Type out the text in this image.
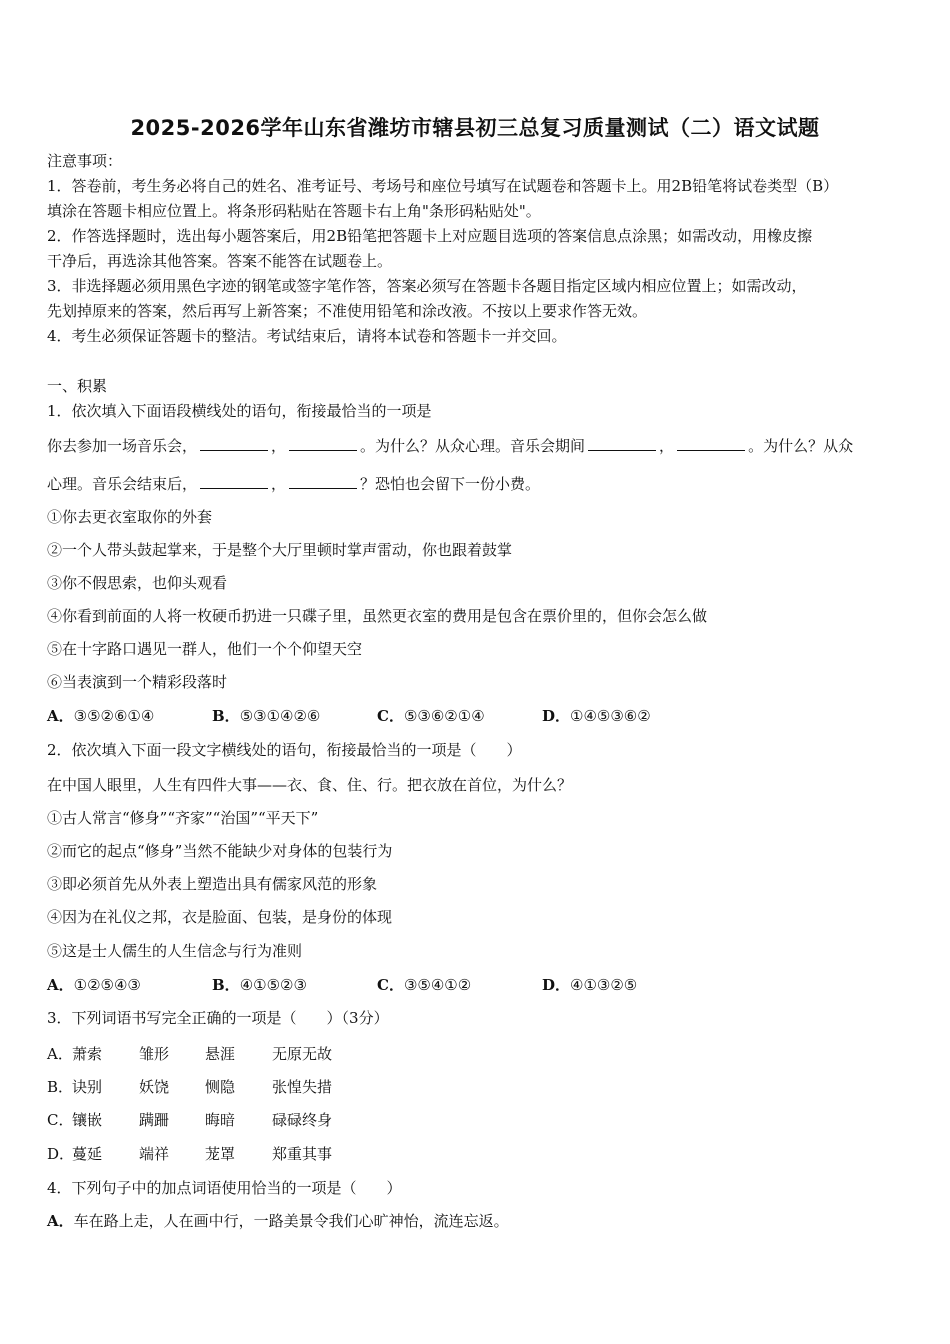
2025-2026学年山东省潍坊市辖县初三总复习质量测试（二）语文试题
注意事项：
1．答卷前，考生务必将自己的姓名、准考证号、考场号和座位号填写在试题卷和答题卡上。用2B铅笔将试卷类型（B）
填涂在答题卡相应位置上。将条形码粘贴在答题卡右上角"条形码粘贴处"。
2．作答选择题时，选出每小题答案后，用2B铅笔把答题卡上对应题目选项的答案信息点涂黑；如需改动，用橡皮擦
干净后，再选涂其他答案。答案不能答在试题卷上。
3．非选择题必须用黑色字迹的钢笔或签字笔作答，答案必须写在答题卡各题目指定区域内相应位置上；如需改动，
先划掉原来的答案，然后再写上新答案；不准使用铅笔和涂改液。不按以上要求作答无效。
4．考生必须保证答题卡的整洁。考试结束后，请将本试卷和答题卡一并交回。
一、积累
1．依次填入下面语段横线处的语句，衔接最恰当的一项是
你去参加一场音乐会，	，	。为什么？从众心理。音乐会期间	，	。为什么？从众
心理。音乐会结束后，	，	？恐怕也会留下一份小费。
①你去更衣室取你的外套
②一个人带头鼓起掌来，于是整个大厅里顿时掌声雷动，你也跟着鼓掌
③你不假思索，也仰头观看
④你看到前面的人将一枚硬币扔进一只碟子里，虽然更衣室的费用是包含在票价里的，但你会怎么做
⑤在十字路口遇见一群人，他们一个个仰望天空
⑥当表演到一个精彩段落时
A．③⑤②⑥①④	B．⑤③①④②⑥	C．⑤③⑥②①④	D．①④⑤③⑥②
2．依次填入下面一段文字横线处的语句，衔接最恰当的一项是（　　）
在中国人眼里，人生有四件大事——衣、食、住、行。把衣放在首位，为什么？
①古人常言“修身”“齐家”“治国”“平天下”
②而它的起点“修身”当然不能缺少对身体的包装行为
③即必须首先从外表上塑造出具有儒家风范的形象
④因为在礼仪之邦，衣是脸面、包装，是身份的体现
⑤这是士人儒生的人生信念与行为准则
A．①②⑤④③	B．④①⑤②③	C．③⑤④①②	D．④①③②⑤
3．下列词语书写完全正确的一项是（　　）（3分）
A． 萧索 雏形 悬涯 无原无故
B．
诀别 妖饶 恻隐 张惶失措
C．
镶嵌 蹒跚 晦暗 碌碌终身
D．
蔓延 端祥 茏罩 郑重其事
4．下列句子中的加点词语使用恰当的一项是（　　）
A．车在路上走，人在画中行，一路美景令我们心旷神怡，流连忘返。
